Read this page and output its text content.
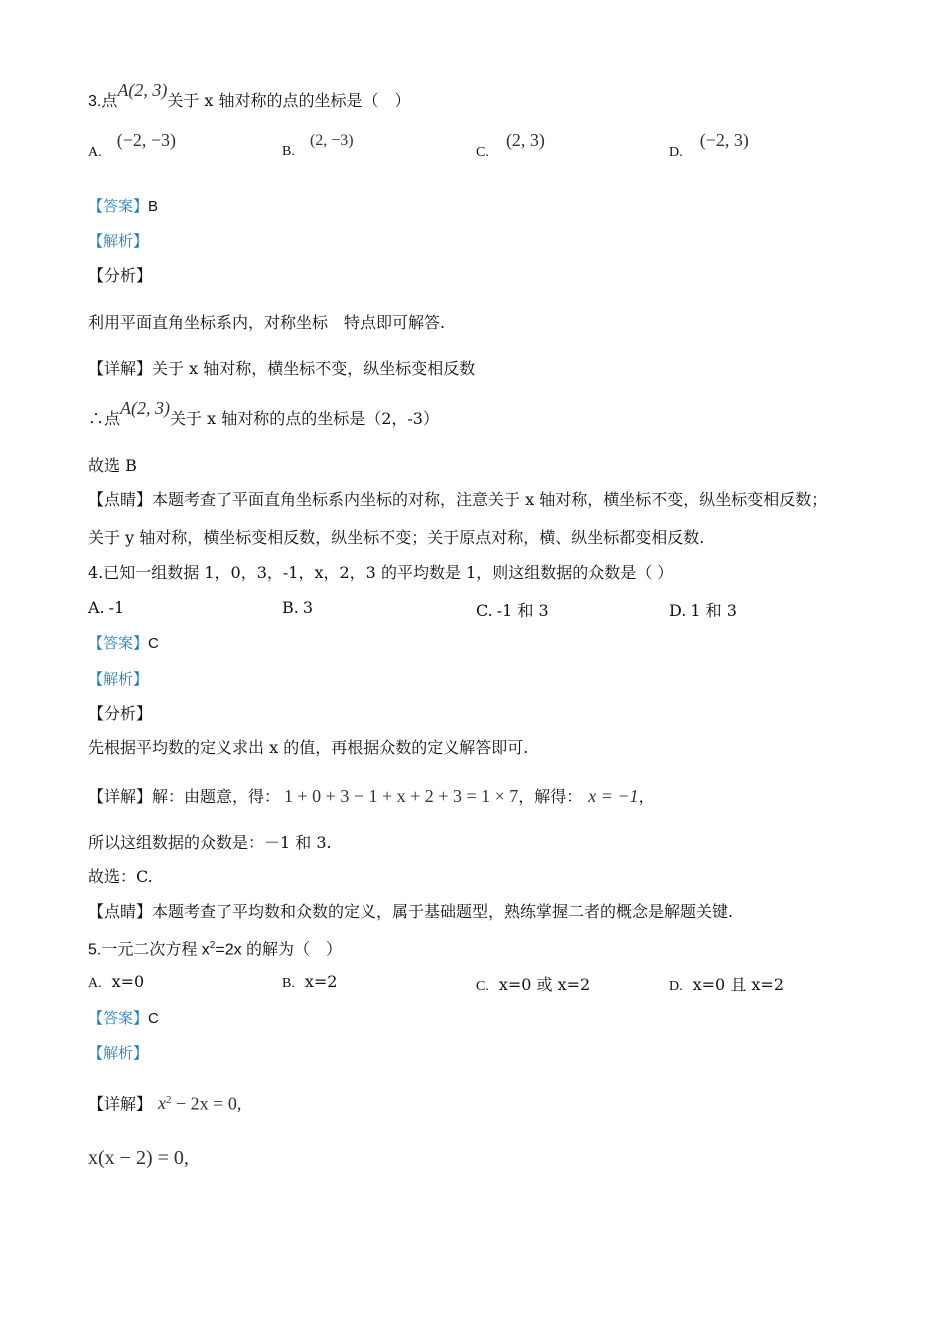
3.点A(2, 3)关于 x 轴对称的点的坐标是（　）
A. (−2, −3)
B. (2, −3)
C. (2, 3)
D. (−2, 3)
【答案】B
【解析】
【分析】
利用平面直角坐标系内，对称坐标　特点即可解答.
【详解】关于 x 轴对称，横坐标不变，纵坐标变相反数
∴点A(2, 3)关于 x 轴对称的点的坐标是（2，-3）
故选 B
【点睛】本题考查了平面直角坐标系内坐标的对称，注意关于 x 轴对称，横坐标不变，纵坐标变相反数；
关于 y 轴对称，横坐标变相反数，纵坐标不变；关于原点对称，横、纵坐标都变相反数.
4.已知一组数据 1，0，3，-1，x，2，3 的平均数是 1，则这组数据的众数是（ ）
A. -1	B. 3	C. -1 和 3	D. 1 和 3
【答案】C
【解析】
【分析】
先根据平均数的定义求出 x 的值，再根据众数的定义解答即可.
【详解】解：由题意，得： 1 + 0 + 3 − 1 + x + 2 + 3 = 1 × 7，解得： x = −1，
所以这组数据的众数是：－1 和 3.
故选：C.
【点睛】本题考查了平均数和众数的定义，属于基础题型，熟练掌握二者的概念是解题关键.
5.一元二次方程 $x^2=2x$ 的解为（　）
A. x=0	B. x=2	C. x=0 或 x=2	D. x=0 且 x=2
【答案】C
【解析】
【详解】 $x^2 - 2x = 0$,
x(x − 2) = 0,
